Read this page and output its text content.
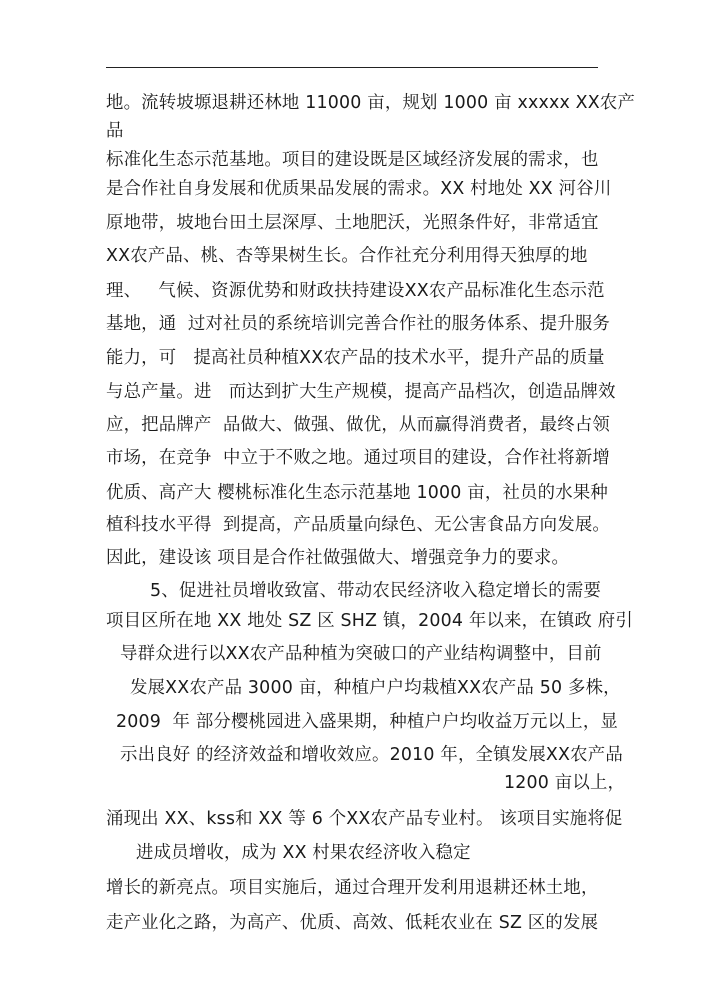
地。流转坡塬退耕还林地 11000 亩，规划 1000 亩 xxxxx XX农产
品
标准化生态示范基地。项目的建设既是区域经济发展的需求，也
是合作社自身发展和优质果品发展的需求。XX 村地处 XX 河谷川
原地带，坡地台田土层深厚、土地肥沃，光照条件好，非常适宜
XX农产品、桃、杏等果树生长。合作社充分利用得天独厚的地
理、   气候、资源优势和财政扶持建设XX农产品标准化生态示范
基地，通  过对社员的系统培训完善合作社的服务体系、提升服务
能力，可   提高社员种植XX农产品的技术水平，提升产品的质量
与总产量。进   而达到扩大生产规模，提高产品档次，创造品牌效
应，把品牌产  品做大、做强、做优，从而赢得消费者，最终占领
市场，在竞争  中立于不败之地。通过项目的建设，合作社将新增
优质、高产大 樱桃标准化生态示范基地 1000 亩，社员的水果种
植科技水平得  到提高，产品质量向绿色、无公害食品方向发展。
因此，建设该 项目是合作社做强做大、增强竞争力的要求。
5、促进社员增收致富、带动农民经济收入稳定增长的需要
项目区所在地 XX 地处 SZ 区 SHZ 镇，2004 年以来，在镇政 府引
导群众进行以XX农产品种植为突破口的产业结构调整中，目前
发展XX农产品 3000 亩，种植户户均栽植XX农产品 50 多株，
2009  年 部分樱桃园进入盛果期，种植户户均收益万元以上，显
示出良好 的经济效益和增收效应。2010 年，全镇发展XX农产品
1200 亩以上，
涌现出 XX、kss和 XX 等 6 个XX农产品专业村。 该项目实施将促
进成员增收，成为 XX 村果农经济收入稳定
增长的新亮点。项目实施后，通过合理开发利用退耕还林土地，
走产业化之路，为高产、优质、高效、低耗农业在 SZ 区的发展
